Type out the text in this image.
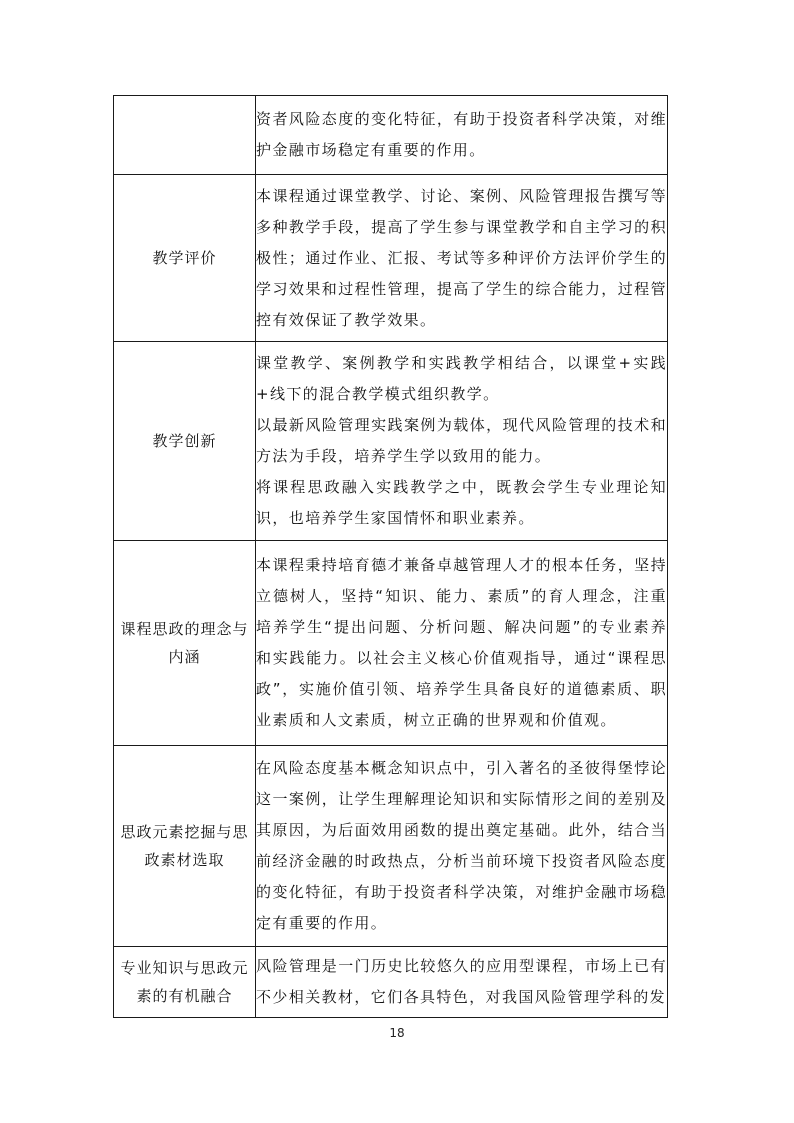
	资者风险态度的变化特征，有助于投资者科学决策，对维护金融市场稳定有重要的作用。

教学评价	本课程通过课堂教学、讨论、案例、风险管理报告撰写等多种教学手段，提高了学生参与课堂教学和自主学习的积极性；通过作业、汇报、考试等多种评价方法评价学生的学习效果和过程性管理，提高了学生的综合能力，过程管控有效保证了教学效果。

教学创新	课堂教学、案例教学和实践教学相结合，以课堂+实践+线下的混合教学模式组织教学。

以最新风险管理实践案例为载体，现代风险管理的技术和方法为手段，培养学生学以致用的能力。

将课程思政融入实践教学之中，既教会学生专业理论知识，也培养学生家国情怀和职业素养。

课程思政的理念与内涵	本课程秉持培育德才兼备卓越管理人才的根本任务，坚持立德树人，坚持“知识、能力、素质”的育人理念，注重培养学生“提出问题、分析问题、解决问题”的专业素养和实践能力。以社会主义核心价值观指导，通过“课程思政”，实施价值引领、培养学生具备良好的道德素质、职业素质和人文素质，树立正确的世界观和价值观。

思政元素挖掘与思政素材选取	在风险态度基本概念知识点中，引入著名的圣彼得堡悖论这一案例，让学生理解理论知识和实际情形之间的差别及其原因，为后面效用函数的提出奠定基础。此外，结合当前经济金融的时政热点，分析当前环境下投资者风险态度的变化特征，有助于投资者科学决策，对维护金融市场稳定有重要的作用。

专业知识与思政元素的有机融合	风险管理是一门历史比较悠久的应用型课程，市场上已有不少相关教材，它们各具特色，对我国风险管理学科的发

18
